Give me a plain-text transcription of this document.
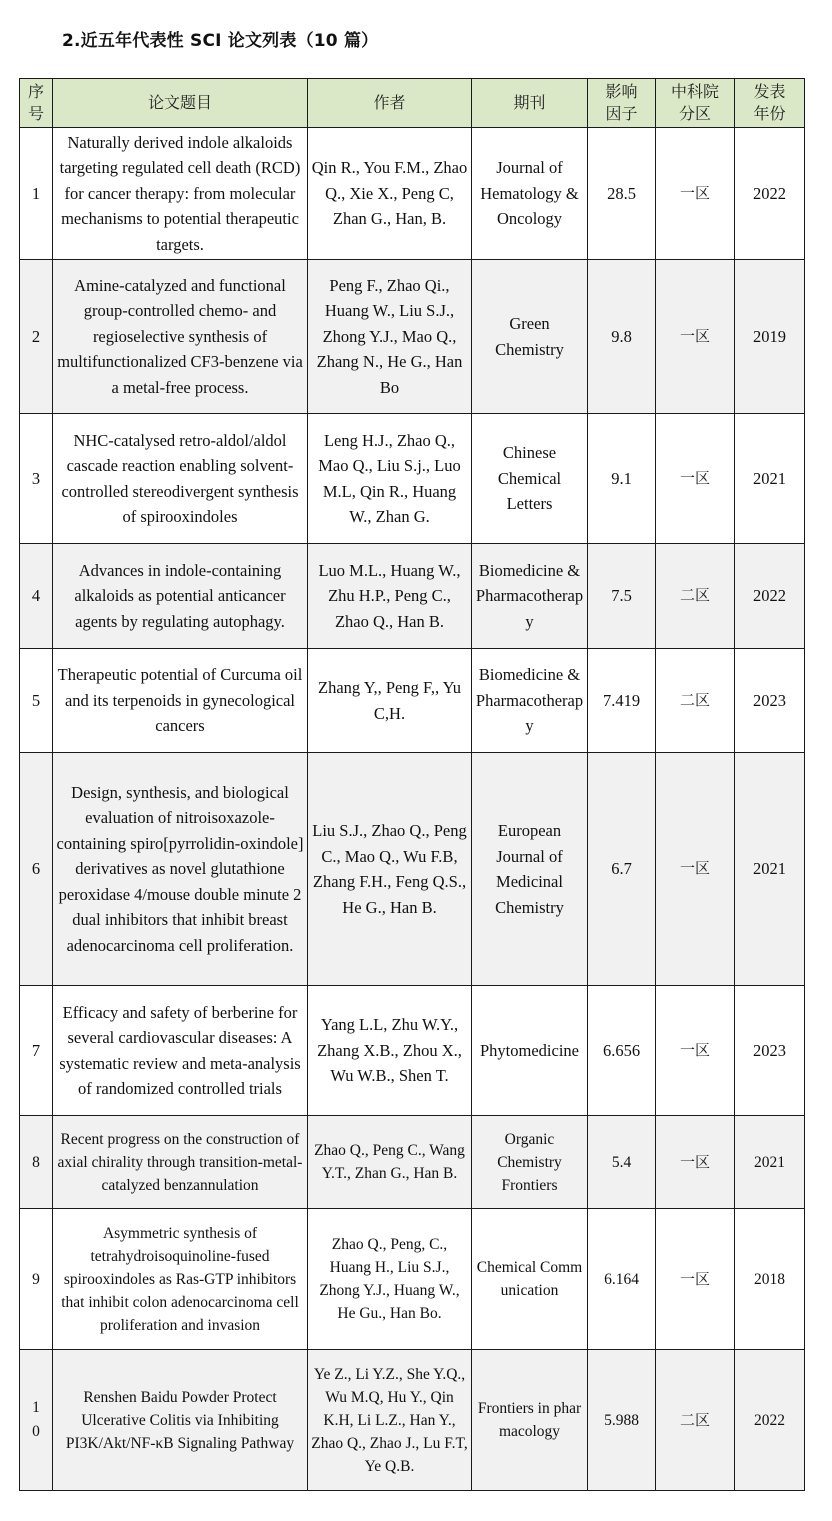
2.近五年代表性 SCI 论文列表（10 篇）
序号	论文题目	作者	期刊	影响因子	中科院分区	发表年份
1	Naturally derived indole alkaloids targeting regulated cell death (RCD) for cancer therapy: from molecular mechanisms to potential therapeutic targets.	Qin R., You F.M., Zhao Q., Xie X., Peng C, Zhan G., Han, B.	Journal of Hematology & Oncology	28.5	一区	2022
2	Amine-catalyzed and functional group-controlled chemo- and regioselective synthesis of multifunctionalized CF3-benzene via a metal-free process.	Peng F., Zhao Qi., Huang W., Liu S.J., Zhong Y.J., Mao Q., Zhang N., He G., Han Bo	Green Chemistry	9.8	一区	2019
3	NHC-catalysed retro-aldol/aldol cascade reaction enabling solvent-controlled stereodivergent synthesis of spirooxindoles	Leng H.J., Zhao Q., Mao Q., Liu S.j., Luo M.L, Qin R., Huang W., Zhan G.	Chinese Chemical Letters	9.1	一区	2021
4	Advances in indole-containing alkaloids as potential anticancer agents by regulating autophagy.	Luo M.L., Huang W., Zhu H.P., Peng C., Zhao Q., Han B.	Biomedicine & Pharmacotherapy	7.5	二区	2022
5	Therapeutic potential of Curcuma oil and its terpenoids in gynecological cancers	Zhang Y,, Peng F,, Yu C,H.	Biomedicine & Pharmacotherapy	7.419	二区	2023
6	Design, synthesis, and biological evaluation of nitroisoxazole-containing spiro[pyrrolidin-oxindole] derivatives as novel glutathione peroxidase 4/mouse double minute 2 dual inhibitors that inhibit breast adenocarcinoma cell proliferation.	Liu S.J., Zhao Q., Peng C., Mao Q., Wu F.B, Zhang F.H., Feng Q.S., He G., Han B.	European Journal of Medicinal Chemistry	6.7	一区	2021
7	Efficacy and safety of berberine for several cardiovascular diseases: A systematic review and meta-analysis of randomized controlled trials	Yang L.L, Zhu W.Y., Zhang X.B., Zhou X., Wu W.B., Shen T.	Phytomedicine	6.656	一区	2023
8	Recent progress on the construction of axial chirality through transition-metal-catalyzed benzannulation	Zhao Q., Peng C., Wang Y.T., Zhan G., Han B.	Organic Chemistry Frontiers	5.4	一区	2021
9	Asymmetric synthesis of tetrahydroisoquinoline-fused spirooxindoles as Ras-GTP inhibitors that inhibit colon adenocarcinoma cell proliferation and invasion	Zhao Q., Peng, C., Huang H., Liu S.J., Zhong Y.J., Huang W., He Gu., Han Bo.	Chemical Communication	6.164	一区	2018
10	Renshen Baidu Powder Protect Ulcerative Colitis via Inhibiting PI3K/Akt/NF-κB Signaling Pathway	Ye Z., Li Y.Z., She Y.Q., Wu M.Q, Hu Y., Qin K.H, Li L.Z., Han Y., Zhao Q., Zhao J., Lu F.T, Ye Q.B.	Frontiers in pharmacology	5.988	二区	2022
